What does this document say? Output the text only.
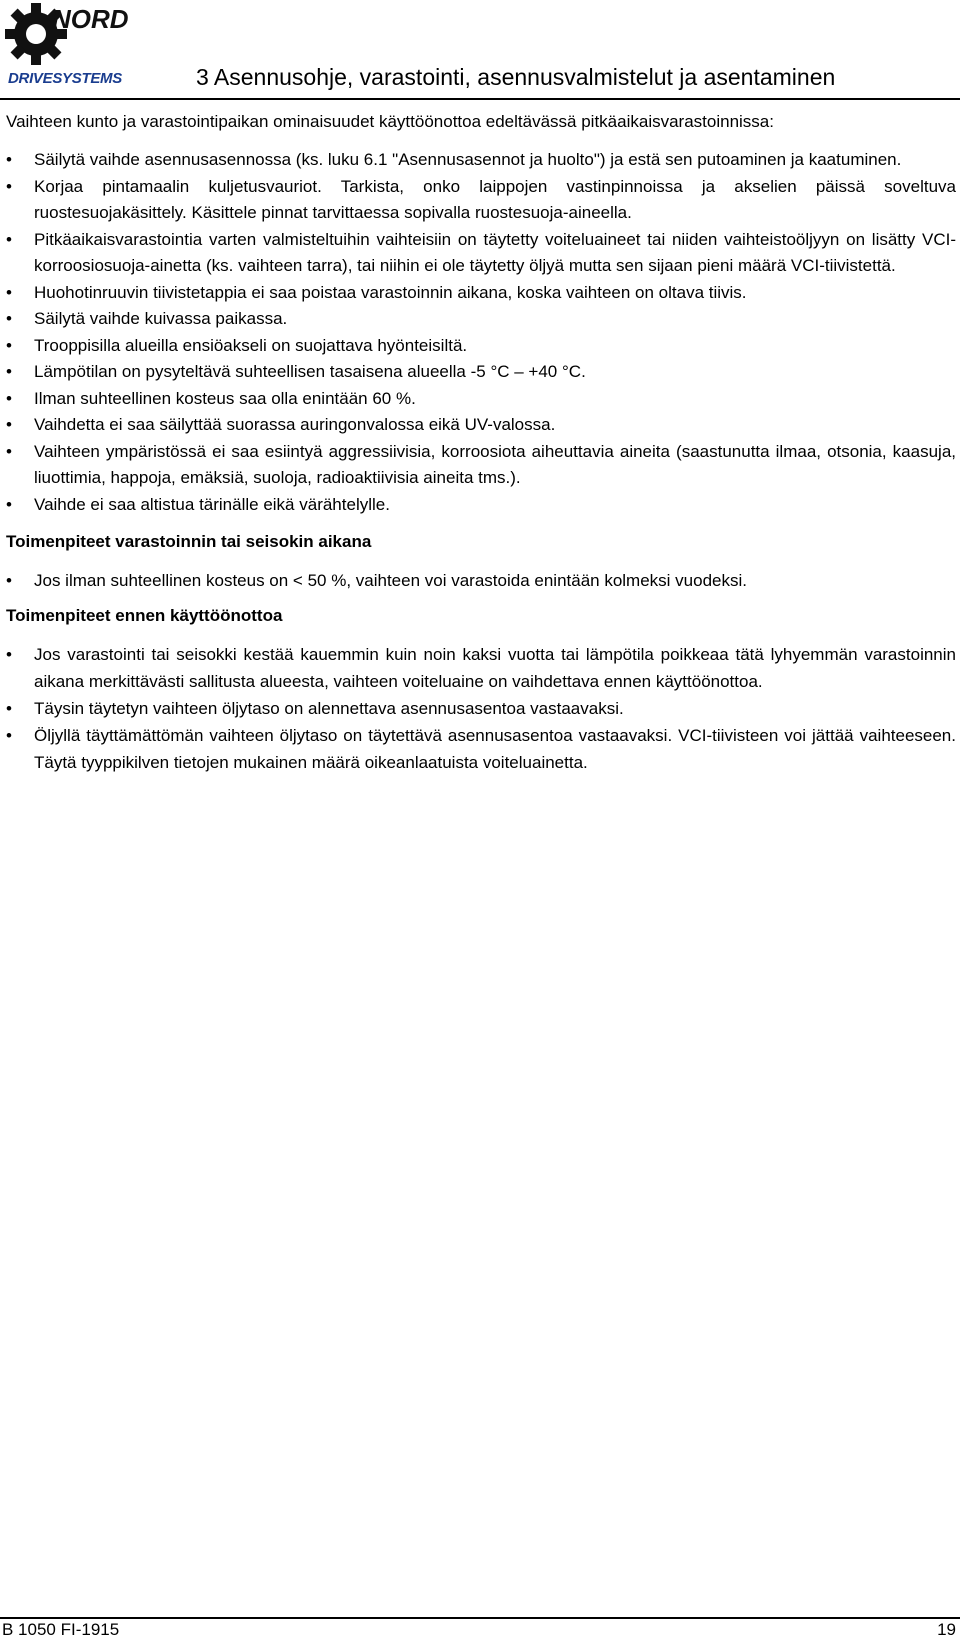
NORD
DRIVESYSTEMS	3 Asennusohje, varastointi, asennusvalmistelut ja asentaminen

Vaihteen kunto ja varastointipaikan ominaisuudet käyttöönottoa edeltävässä pitkäaikaisvarastoinnissa:

•	Säilytä vaihde asennusasennossa (ks. luku 6.1 "Asennusasennot ja huolto") ja estä sen putoaminen ja kaatuminen.
•	Korjaa pintamaalin kuljetusvauriot. Tarkista, onko laippojen vastinpinnoissa ja akselien päissä soveltuva ruostesuojakäsittely. Käsittele pinnat tarvittaessa sopivalla ruostesuoja-aineella.
•	Pitkäaikaisvarastointia varten valmisteltuihin vaihteisiin on täytetty voiteluaineet tai niiden vaihteistoöljyyn on lisätty VCI-korroosiosuoja-ainetta (ks. vaihteen tarra), tai niihin ei ole täytetty öljyä mutta sen sijaan pieni määrä VCI-tiivistettä.
•	Huohotinruuvin tiivistetappia ei saa poistaa varastoinnin aikana, koska vaihteen on oltava tiivis.
•	Säilytä vaihde kuivassa paikassa.
•	Trooppisilla alueilla ensiöakseli on suojattava hyönteisiltä.
•	Lämpötilan on pysyteltävä suhteellisen tasaisena alueella -5 °C – +40 °C.
•	Ilman suhteellinen kosteus saa olla enintään 60 %.
•	Vaihdetta ei saa säilyttää suorassa auringonvalossa eikä UV-valossa.
•	Vaihteen ympäristössä ei saa esiintyä aggressiivisia, korroosiota aiheuttavia aineita (saastunutta ilmaa, otsonia, kaasuja, liuottimia, happoja, emäksiä, suoloja, radioaktiivisia aineita tms.).
•	Vaihde ei saa altistua tärinälle eikä värähtelylle.

Toimenpiteet varastoinnin tai seisokin aikana

•	Jos ilman suhteellinen kosteus on < 50 %, vaihteen voi varastoida enintään kolmeksi vuodeksi.

Toimenpiteet ennen käyttöönottoa

•	Jos varastointi tai seisokki kestää kauemmin kuin noin kaksi vuotta tai lämpötila poikkeaa tätä lyhyemmän varastoinnin aikana merkittävästi sallitusta alueesta, vaihteen voiteluaine on vaihdettava ennen käyttöönottoa.
•	Täysin täytetyn vaihteen öljytaso on alennettava asennusasentoa vastaavaksi.
•	Öljyllä täyttämättömän vaihteen öljytaso on täytettävä asennusasentoa vastaavaksi. VCI-tiivisteen voi jättää vaihteeseen. Täytä tyyppikilven tietojen mukainen määrä oikeanlaatuista voiteluainetta.
B 1050 FI-1915	19
